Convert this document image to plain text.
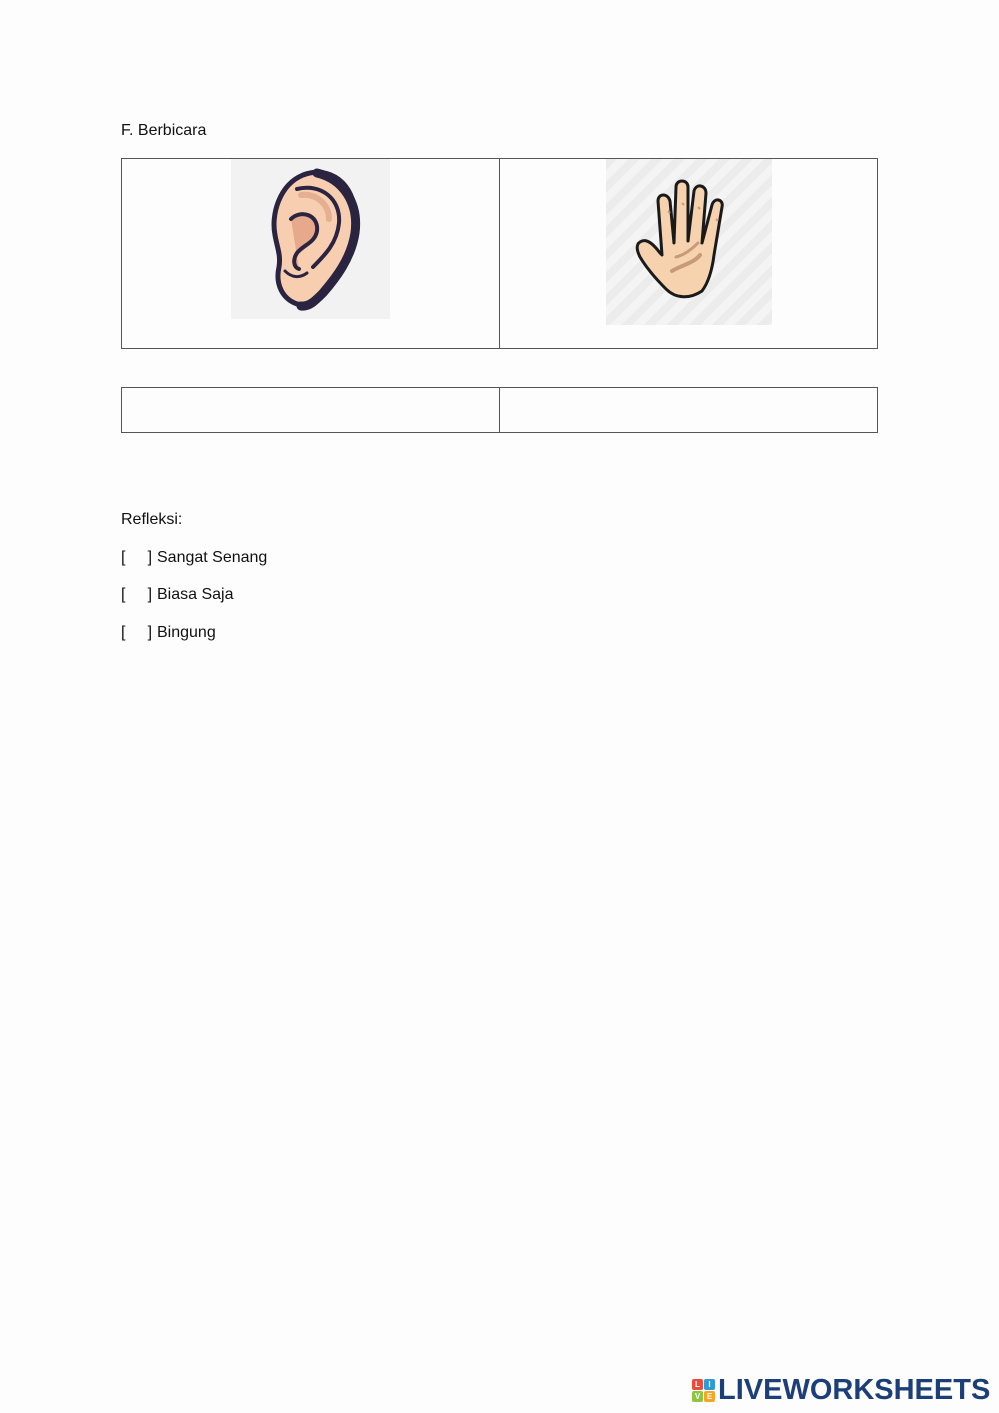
F. Berbicara

Refleksi:
[     ] Sangat Senang
[     ] Biasa Saja
[     ] Bingung
L	I
V E LIVEWORKSHEETS
